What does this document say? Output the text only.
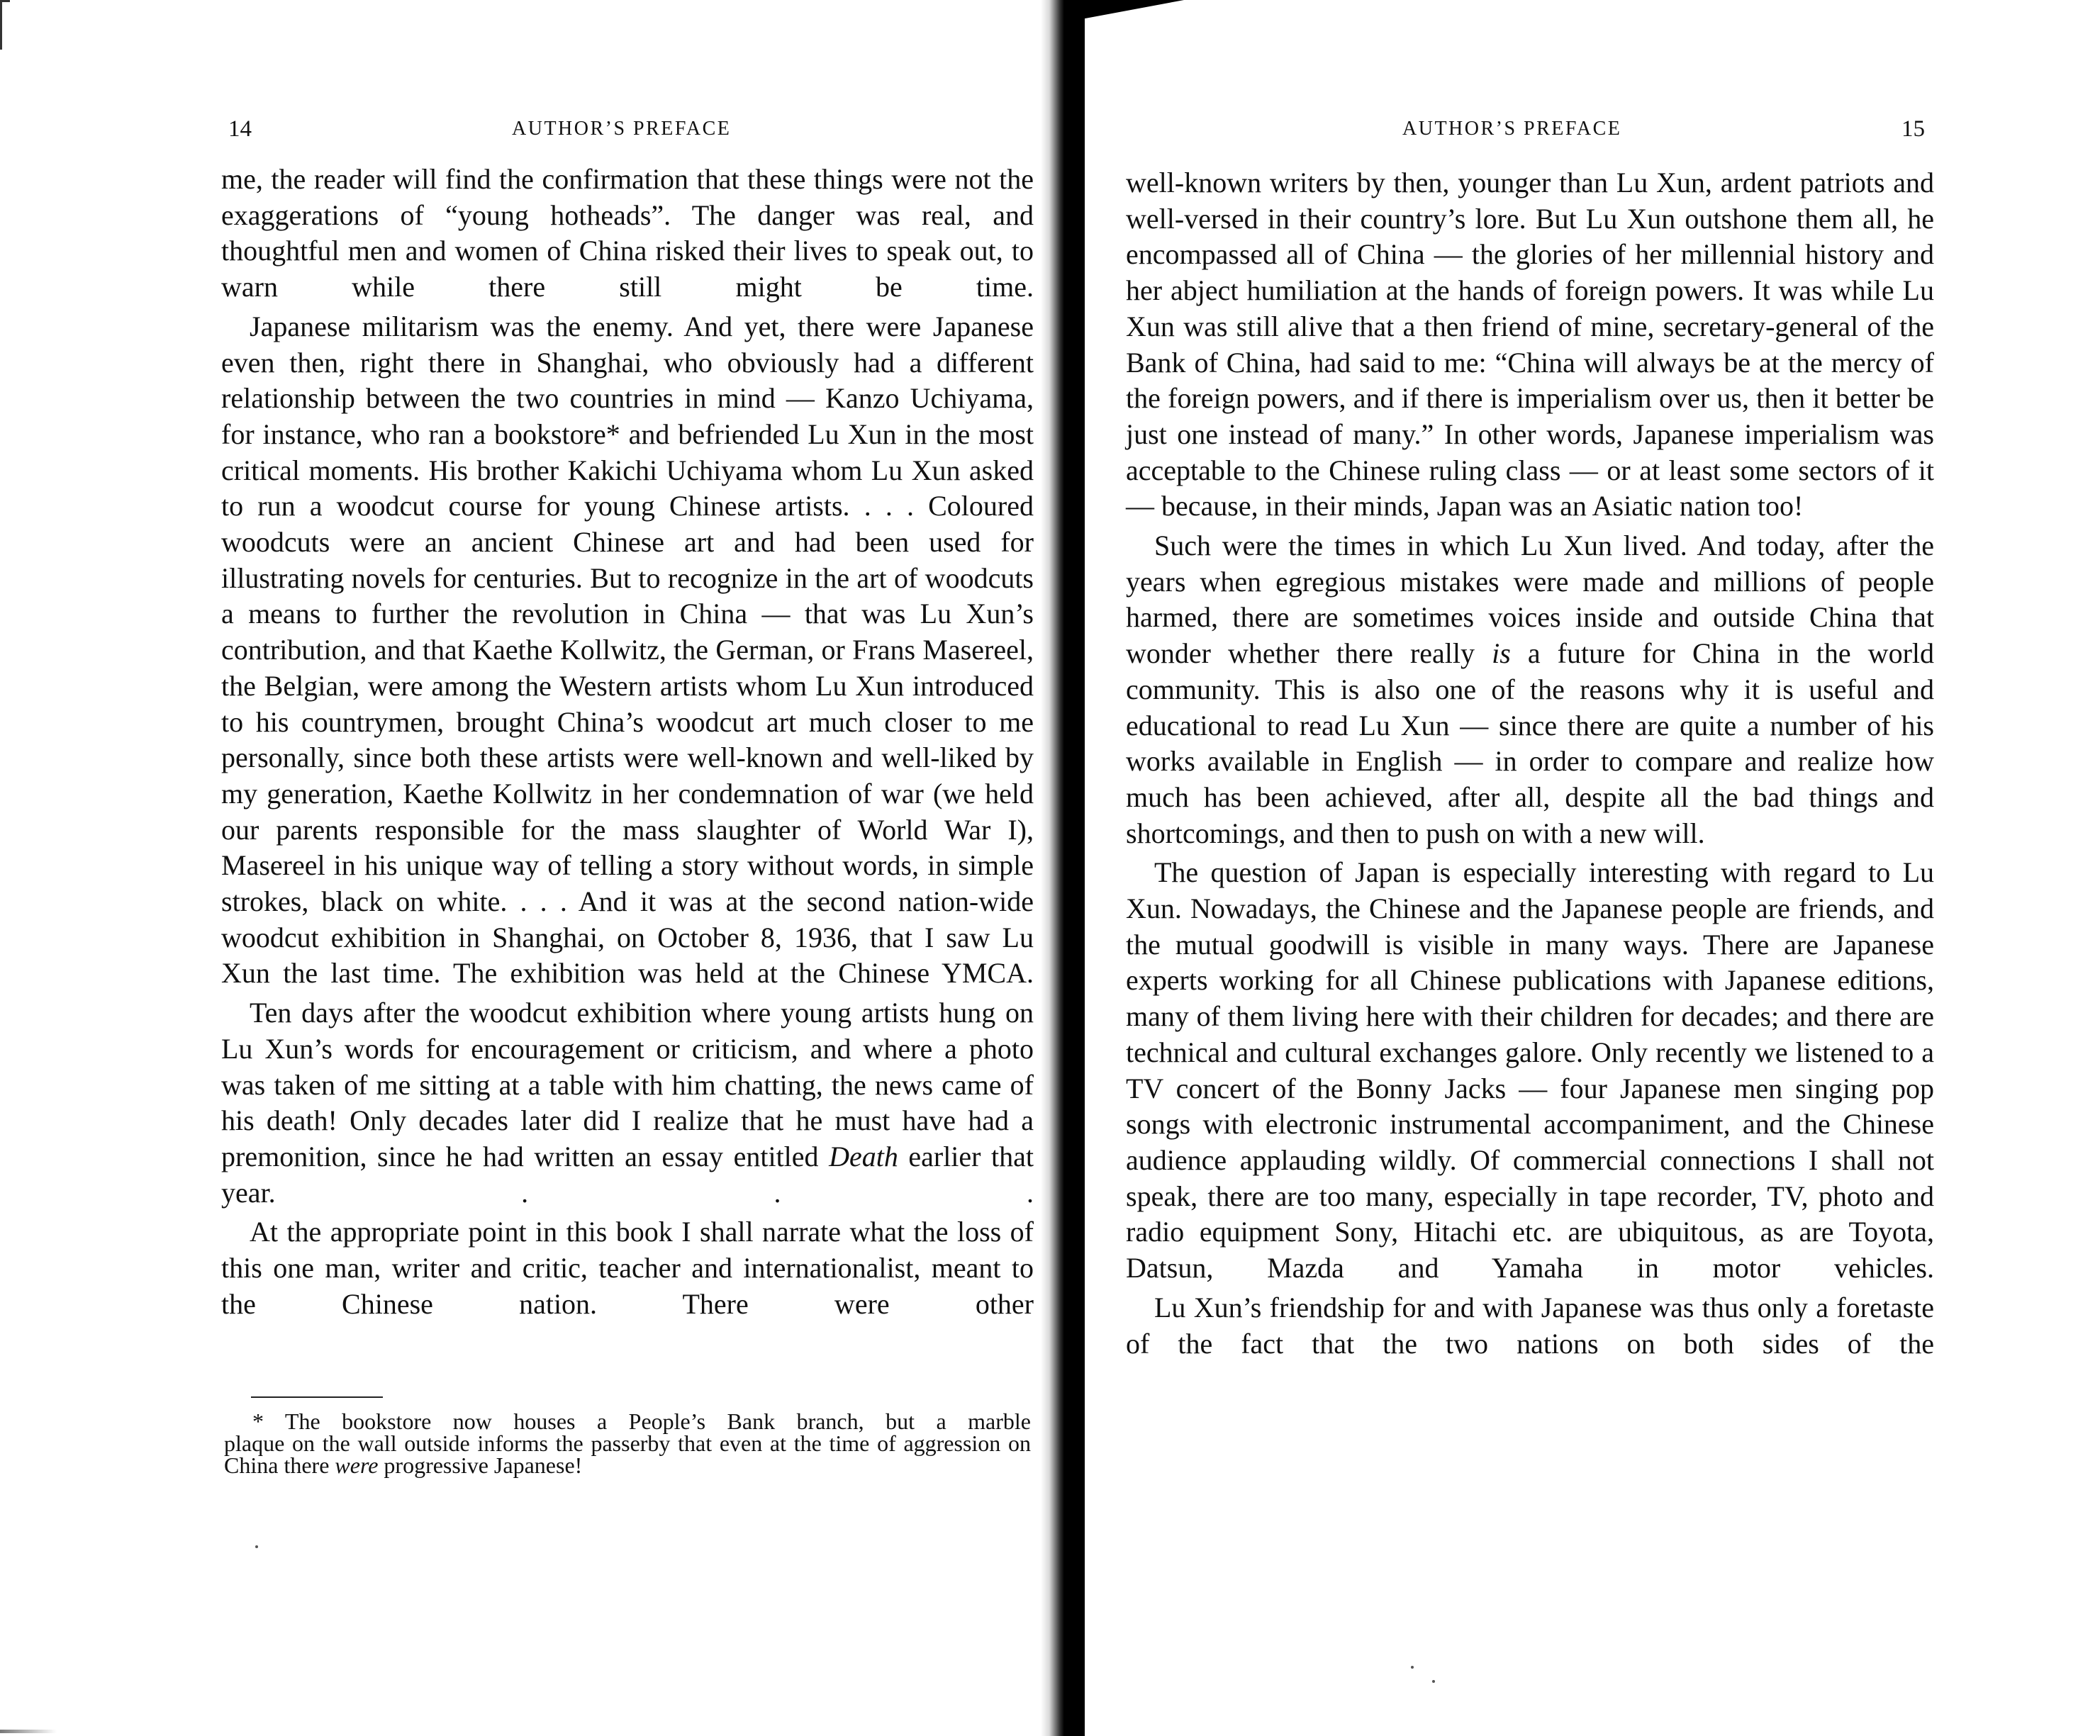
14	AUTHOR’S PREFACE

me, the reader will find the confirmation that these things were not the exaggerations of “young hotheads”. The danger was real, and thoughtful men and women of China risked their lives to speak out, to warn while there still might be time.

Japanese militarism was the enemy. And yet, there were Japanese even then, right there in Shanghai, who obviously had a different relationship between the two countries in mind — Kanzo Uchiyama, for instance, who ran a bookstore* and befriended Lu Xun in the most critical moments. His brother Kakichi Uchiyama whom Lu Xun asked to run a woodcut course for young Chinese artists. . . . Coloured woodcuts were an ancient Chinese art and had been used for illustrating novels for centuries. But to recognize in the art of woodcuts a means to further the revolution in China — that was Lu Xun’s contribution, and that Kaethe Kollwitz, the German, or Frans Masereel, the Belgian, were among the Western artists whom Lu Xun introduced to his countrymen, brought China’s woodcut art much closer to me personally, since both these artists were well-known and well-liked by my generation, Kaethe Kollwitz in her condemnation of war (we held our parents responsible for the mass slaughter of World War I), Masereel in his unique way of telling a story without words, in simple strokes, black on white. . . . And it was at the second nation-wide woodcut exhibition in Shanghai, on October 8, 1936, that I saw Lu Xun the last time. The exhibition was held at the Chinese YMCA.

Ten days after the woodcut exhibition where young artists hung on Lu Xun’s words for encouragement or criticism, and where a photo was taken of me sitting at a table with him chatting, the news came of his death! Only decades later did I realize that he must have had a premonition, since he had written an essay entitled Death earlier that year. . . .

At the appropriate point in this book I shall narrate what the loss of this one man, writer and critic, teacher and internationalist, meant to the Chinese nation. There were other

* The bookstore now houses a People’s Bank branch, but a marble
plaque on the wall outside informs the passerby that even at the time of aggression on China there were progressive Japanese!
AUTHOR’S PREFACE	15

well-known writers by then, younger than Lu Xun, ardent patriots and well-versed in their country’s lore. But Lu Xun outshone them all, he encompassed all of China — the glories of her millennial history and her abject humiliation at the hands of foreign powers. It was while Lu Xun was still alive that a then friend of mine, secretary-general of the Bank of China, had said to me: “China will always be at the mercy of the foreign powers, and if there is imperialism over us, then it better be just one instead of many.” In other words, Japanese imperialism was acceptable to the Chinese ruling class — or at least some sectors of it — because, in their minds, Japan was an Asiatic nation too!

Such were the times in which Lu Xun lived. And today, after the years when egregious mistakes were made and millions of people harmed, there are sometimes voices inside and outside China that wonder whether there really is a future for China in the world community. This is also one of the reasons why it is useful and educational to read Lu Xun — since there are quite a number of his works available in English — in order to compare and realize how much has been achieved, after all, despite all the bad things and shortcomings, and then to push on with a new will.

The question of Japan is especially interesting with regard to Lu Xun. Nowadays, the Chinese and the Japanese people are friends, and the mutual goodwill is visible in many ways. There are Japanese experts working for all Chinese publications with Japanese editions, many of them living here with their children for decades; and there are technical and cultural exchanges galore. Only recently we listened to a TV concert of the Bonny Jacks — four Japanese men singing pop songs with electronic instrumental accompaniment, and the Chinese audience applauding wildly. Of commercial connections I shall not speak, there are too many, especially in tape recorder, TV, photo and radio equipment Sony, Hitachi etc. are ubiquitous, as are Toyota, Datsun, Mazda and Yamaha in motor vehicles.

Lu Xun’s friendship for and with Japanese was thus only a foretaste of the fact that the two nations on both sides of the
